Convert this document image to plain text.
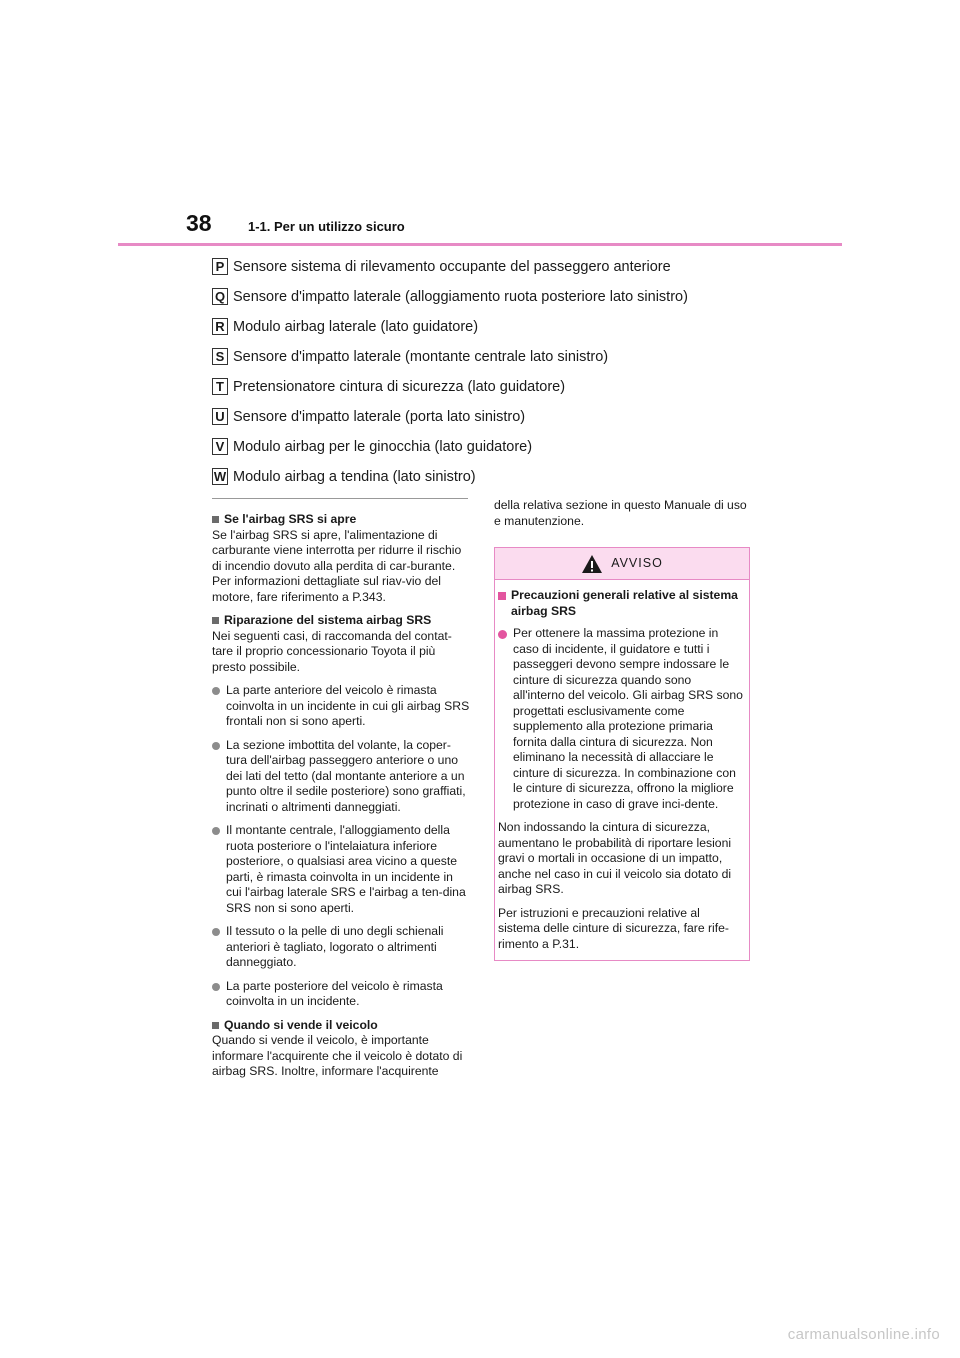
38	1-1. Per un utilizzo sicuro
P Sensore sistema di rilevamento occupante del passeggero anteriore
Q Sensore d'impatto laterale (alloggiamento ruota posteriore lato sinistro)
R Modulo airbag laterale (lato guidatore)
S Sensore d'impatto laterale (montante centrale lato sinistro)
T Pretensionatore cintura di sicurezza (lato guidatore)
U Sensore d'impatto laterale (porta lato sinistro)
V Modulo airbag per le ginocchia (lato guidatore)
W Modulo airbag a tendina (lato sinistro)
Se l'airbag SRS si apre

Se l'airbag SRS si apre, l'alimentazione di carburante viene interrotta per ridurre il rischio di incendio dovuto alla perdita di car-burante. Per informazioni dettagliate sul riav-vio del motore, fare riferimento a P.343.

Riparazione del sistema airbag SRS

Nei seguenti casi, di raccomanda del contat-tare il proprio concessionario Toyota il più presto possibile.

La parte anteriore del veicolo è rimasta coinvolta in un incidente in cui gli airbag SRS frontali non si sono aperti.
La sezione imbottita del volante, la coper-tura dell'airbag passeggero anteriore o uno dei lati del tetto (dal montante anteriore a un punto oltre il sedile posteriore) sono graffiati, incrinati o altrimenti danneggiati.
Il montante centrale, l'alloggiamento della ruota posteriore o l'intelaiatura inferiore posteriore, o qualsiasi area vicino a queste parti, è rimasta coinvolta in un incidente in cui l'airbag laterale SRS e l'airbag a ten-dina SRS non si sono aperti.
Il tessuto o la pelle di uno degli schienali anteriori è tagliato, logorato o altrimenti danneggiato.
La parte posteriore del veicolo è rimasta coinvolta in un incidente.
Quando si vende il veicolo

Quando si vende il veicolo, è importante informare l'acquirente che il veicolo è dotato di airbag SRS. Inoltre, informare l'acquirente

della relativa sezione in questo Manuale di uso e manutenzione.

AVVISO
Precauzioni generali relative al sistema airbag SRS
Per ottenere la massima protezione in caso di incidente, il guidatore e tutti i passeggeri devono sempre indossare le cinture di sicurezza quando sono all'interno del veicolo. Gli airbag SRS sono progettati esclusivamente come supplemento alla protezione primaria fornita dalla cintura di sicurezza. Non eliminano la necessità di allacciare le cinture di sicurezza. In combinazione con le cinture di sicurezza, offrono la migliore protezione in caso di grave inci-dente.

Non indossando la cintura di sicurezza, aumentano le probabilità di riportare lesioni gravi o mortali in occasione di un impatto, anche nel caso in cui il veicolo sia dotato di airbag SRS.

Per istruzioni e precauzioni relative al sistema delle cinture di sicurezza, fare rife-rimento a P.31.

carmanualsonline.info
